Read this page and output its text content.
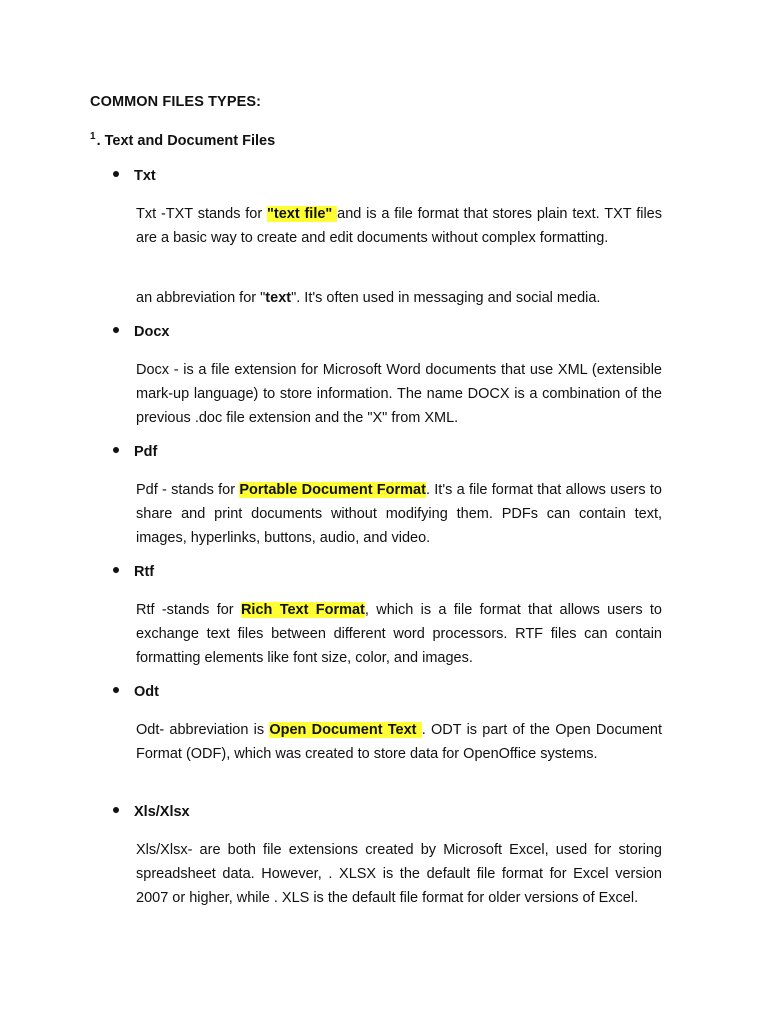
COMMON FILES TYPES:
$^1$. Text and Document Files
Txt
Txt -TXT stands for "text file" and is a file format that stores plain text. TXT files are a basic way to create and edit documents without complex formatting.
an abbreviation for "text". It's often used in messaging and social media.
Docx
Docx - is a file extension for Microsoft Word documents that use XML (extensible mark-up language) to store information. The name DOCX is a combination of the previous .doc file extension and the "X" from XML.
Pdf
Pdf - stands for Portable Document Format. It's a file format that allows users to share and print documents without modifying them. PDFs can contain text, images, hyperlinks, buttons, audio, and video.
Rtf
Rtf -stands for Rich Text Format, which is a file format that allows users to exchange text files between different word processors. RTF files can contain formatting elements like font size, color, and images.
Odt
Odt- abbreviation is Open Document Text . ODT is part of the Open Document Format (ODF), which was created to store data for OpenOffice systems.
Xls/Xlsx
Xls/Xlsx- are both file extensions created by Microsoft Excel, used for storing spreadsheet data. However, . XLSX is the default file format for Excel version 2007 or higher, while . XLS is the default file format for older versions of Excel.
